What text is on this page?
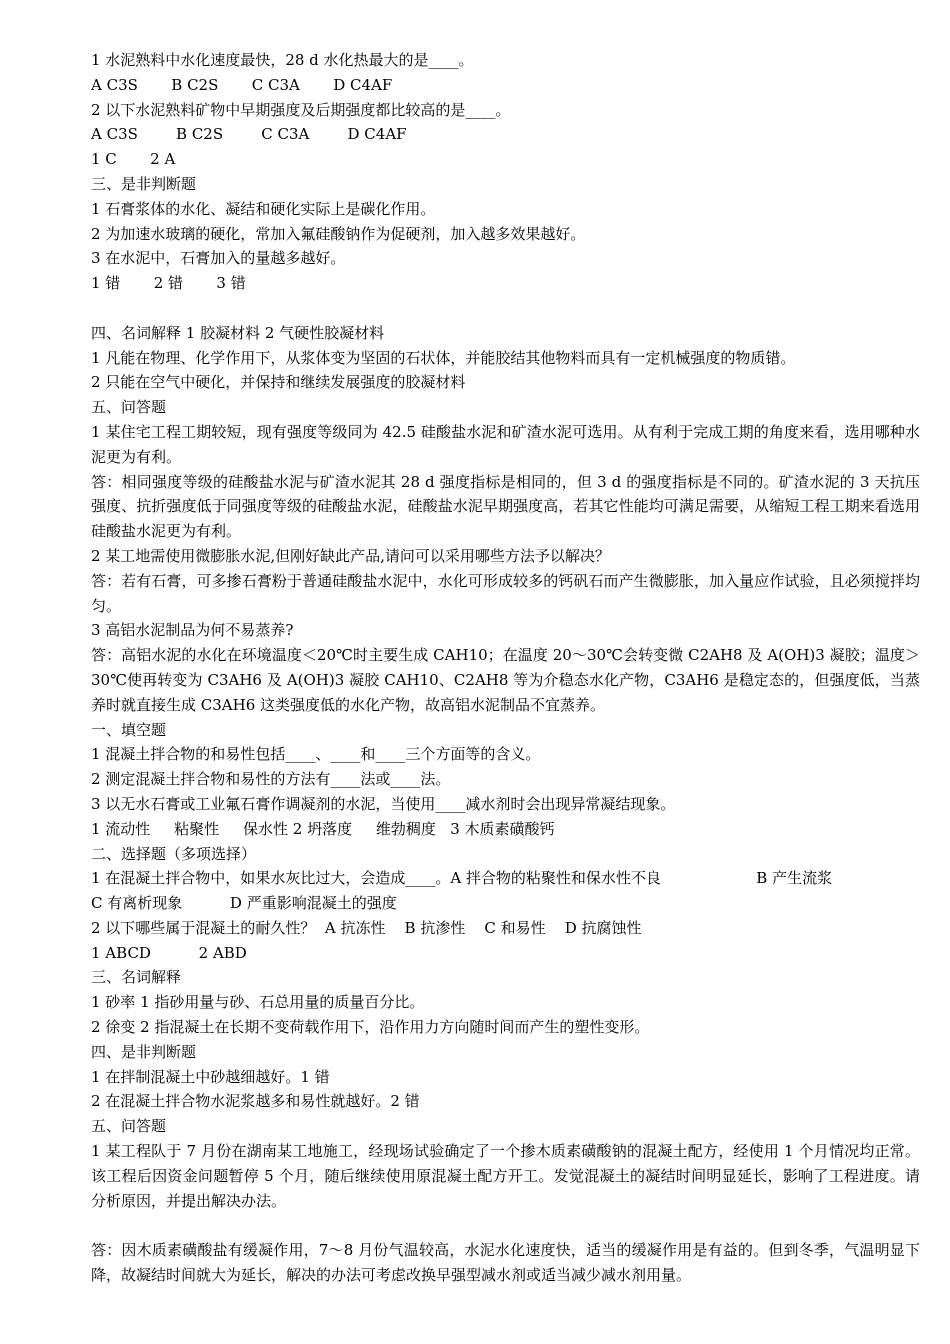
1 水泥熟料中水化速度最快，28 d 水化热最大的是____。
A C3S       B C2S       C C3A       D C4AF
2 以下水泥熟料矿物中早期强度及后期强度都比较高的是____。
A C3S        B C2S        C C3A        D C4AF
1 C       2 A
三、是非判断题
1 石膏浆体的水化、凝结和硬化实际上是碳化作用。
2 为加速水玻璃的硬化，常加入氟硅酸钠作为促硬剂，加入越多效果越好。
3 在水泥中，石膏加入的量越多越好。
1 错       2 错       3 错
四、名词解释 1 胶凝材料 2 气硬性胶凝材料
1 凡能在物理、化学作用下，从浆体变为坚固的石状体，并能胶结其他物料而具有一定机械强度的物质错。
2 只能在空气中硬化，并保持和继续发展强度的胶凝材料
五、问答题
1 某住宅工程工期较短，现有强度等级同为 42.5 硅酸盐水泥和矿渣水泥可选用。从有利于完成工期的角度来看，选用哪种水泥更为有利。
答：相同强度等级的硅酸盐水泥与矿渣水泥其 28 d 强度指标是相同的，但 3 d 的强度指标是不同的。矿渣水泥的 3 天抗压强度、抗折强度低于同强度等级的硅酸盐水泥，硅酸盐水泥早期强度高，若其它性能均可满足需要，从缩短工程工期来看选用硅酸盐水泥更为有利。
2 某工地需使用微膨胀水泥,但刚好缺此产品,请问可以采用哪些方法予以解决？
答：若有石膏，可多掺石膏粉于普通硅酸盐水泥中，水化可形成较多的钙矾石而产生微膨胀，加入量应作试验，且必须搅拌均匀。
3 高铝水泥制品为何不易蒸养?
答：高铝水泥的水化在环境温度＜20℃时主要生成 CAH10；在温度 20～30℃会转变微 C2AH8 及 A(OH)3 凝胶；温度＞30℃使再转变为 C3AH6 及 A(OH)3 凝胶 CAH10、C2AH8 等为介稳态水化产物，C3AH6 是稳定态的，但强度低，当蒸养时就直接生成 C3AH6 这类强度低的水化产物，故高铝水泥制品不宜蒸养。
一、填空题
1 混凝土拌合物的和易性包括____、____和____三个方面等的含义。
2 测定混凝土拌合物和易性的方法有____法或____法。
3 以无水石膏或工业氟石膏作调凝剂的水泥，当使用____减水剂时会出现异常凝结现象。
1 流动性     粘聚性     保水性 2 坍落度     维勃稠度   3 木质素磺酸钙
二、选择题（多项选择）
1 在混凝土拌合物中，如果水灰比过大，会造成____。A 拌合物的粘聚性和保水性不良                    B 产生流浆
C 有离析现象          D 严重影响混凝土的强度
2 以下哪些属于混凝土的耐久性？  A 抗冻性    B 抗渗性    C 和易性    D 抗腐蚀性
1 ABCD          2 ABD
三、名词解释
1 砂率 1 指砂用量与砂、石总用量的质量百分比。
2 徐变 2 指混凝土在长期不变荷载作用下，沿作用力方向随时间而产生的塑性变形。
四、是非判断题
1 在拌制混凝土中砂越细越好。1 错
2 在混凝土拌合物水泥浆越多和易性就越好。2 错
五、问答题
1 某工程队于 7 月份在湖南某工地施工，经现场试验确定了一个掺木质素磺酸钠的混凝土配方，经使用 1 个月情况均正常。该工程后因资金问题暂停 5 个月，随后继续使用原混凝土配方开工。发觉混凝土的凝结时间明显延长，影响了工程进度。请分析原因，并提出解决办法。
答：因木质素磺酸盐有缓凝作用，7～8 月份气温较高，水泥水化速度快，适当的缓凝作用是有益的。但到冬季，气温明显下降，故凝结时间就大为延长，解决的办法可考虑改换早强型减水剂或适当减少减水剂用量。
